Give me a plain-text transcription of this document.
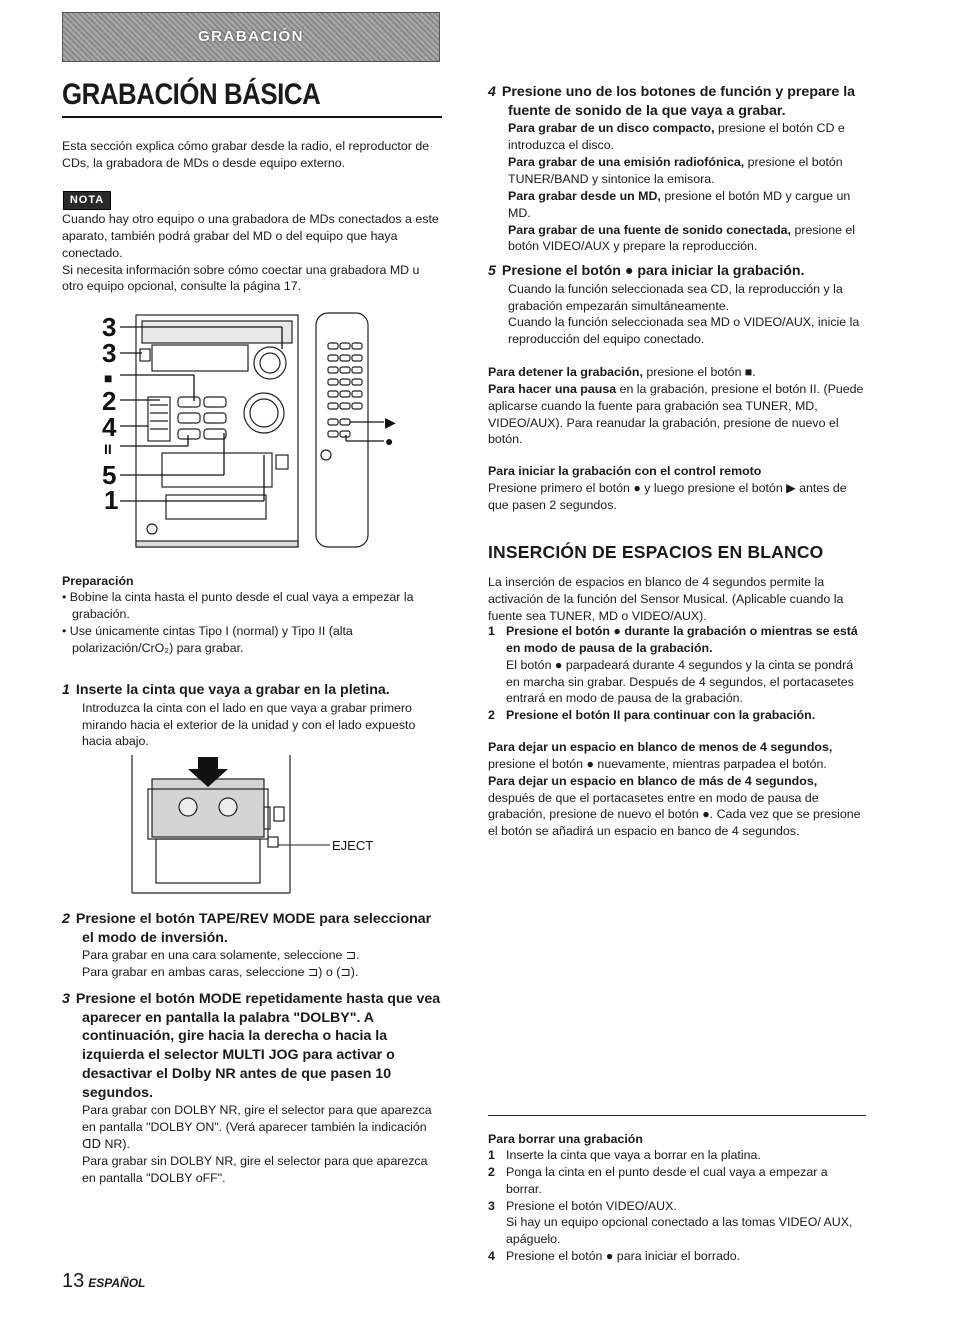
GRABACIÓN
GRABACIÓN BÁSICA

Esta sección explica cómo grabar desde la radio, el reproductor de CDs, la grabadora de MDs o desde equipo externo.

NOTA

Cuando hay otro equipo o una grabadora de MDs conectados a este aparato, también podrá grabar del MD o del equipo que haya conectado.

Si necesita información sobre cómo coectar una grabadora MD u otro equipo opcional, consulte la página 17.

3
3
■
2
4
II
5
1
▶
●
Preparación

• Bobine la cinta hasta el punto desde el cual vaya a empezar la grabación.

• Use únicamente cintas Tipo I (normal) y Tipo II (alta polarización/CrO₂) para grabar.

1 Inserte la cinta que vaya a grabar en la pletina.

Introduzca la cinta con el lado en que vaya a grabar primero mirando hacia el exterior de la unidad y con el lado expuesto hacia abajo.

EJECT
2 Presione el botón TAPE/REV MODE para seleccionar el modo de inversión.

Para grabar en una cara solamente, seleccione ⊐.

Para grabar en ambas caras, seleccione ⊐) o (⊐).

3 Presione el botón MODE repetidamente hasta que vea aparecer en pantalla la palabra "DOLBY". A continuación, gire hacia la derecha o hacia la izquierda el selector MULTI JOG para activar o desactivar el Dolby NR antes de que pasen 10 segundos.

Para grabar con DOLBY NR, gire el selector para que aparezca en pantalla "DOLBY ON". (Verá aparecer también la indicación ᗡᗞ NR).

Para grabar sin DOLBY NR, gire el selector para que aparezca en pantalla "DOLBY oFF".

4 Presione uno de los botones de función y prepare la fuente de sonido de la que vaya a grabar.

Para grabar de un disco compacto, presione el botón CD e introduzca el disco.

Para grabar de una emisión radiofónica, presione el botón TUNER/BAND y sintonice la emisora.

Para grabar desde un MD, presione el botón MD y cargue un MD.

Para grabar de una fuente de sonido conectada, presione el botón VIDEO/AUX y prepare la reproducción.

5 Presione el botón ● para iniciar la grabación.

Cuando la función seleccionada sea CD, la reproducción y la grabación empezarán simultáneamente.

Cuando la función seleccionada sea MD o VIDEO/AUX, inicie la reproducción del equipo conectado.

Para detener la grabación, presione el botón ■.

Para hacer una pausa en la grabación, presione el botón II. (Puede aplicarse cuando la fuente para grabación sea TUNER, MD, VIDEO/AUX). Para reanudar la grabación, presione de nuevo el botón.

Para iniciar la grabación con el control remoto

Presione primero el botón ● y luego presione el botón ▶ antes de que pasen 2 segundos.

INSERCIÓN DE ESPACIOS EN BLANCO

La inserción de espacios en blanco de 4 segundos permite la activación de la función del Sensor Musical. (Aplicable cuando la fuente sea TUNER, MD o VIDEO/AUX).

1 Presione el botón ● durante la grabación o mientras se está en modo de pausa de la grabación.

El botón ● parpadeará durante 4 segundos y la cinta se pondrá en marcha sin grabar. Después de 4 segundos, el portacasetes entrará en modo de pausa de la grabación.

2 Presione el botón II para continuar con la grabación.

Para dejar un espacio en blanco de menos de 4 segundos, presione el botón ● nuevamente, mientras parpadea el botón.

Para dejar un espacio en blanco de más de 4 segundos, después de que el portacasetes entre en modo de pausa de grabación, presione de nuevo el botón ●. Cada vez que se presione el botón se añadirá un espacio en banco de 4 segundos.

Para borrar una grabación
1 Inserte la cinta que vaya a borrar en la platina.

2 Ponga la cinta en el punto desde el cual vaya a empezar a borrar.

3 Presione el botón VIDEO/AUX.

Si hay un equipo opcional conectado a las tomas VIDEO/ AUX, apáguelo.

4 Presione el botón ● para iniciar el borrado.

13 ESPAÑOL
